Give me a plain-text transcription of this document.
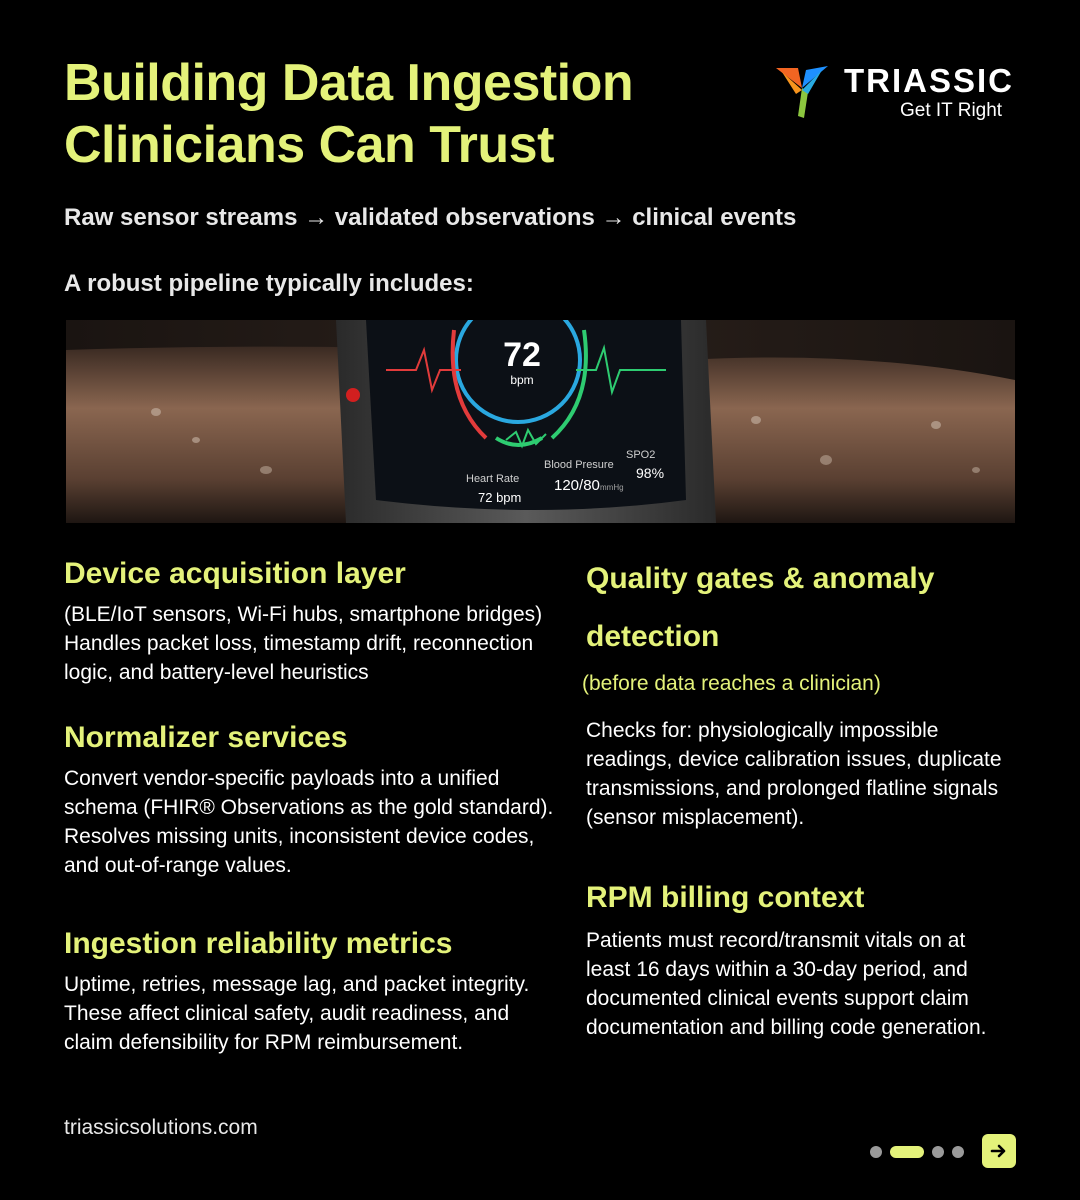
Building Data Ingestion
Clinicians Can Trust
TRIASSIC
Get IT Right
Raw sensor streams → validated observations → clinical events
A robust pipeline typically includes:
72
bpm
Heart Rate
72 bpm
Blood Presure
120/80 mmHg
SPO2
98%
Device acquisition layer

(BLE/IoT sensors, Wi-Fi hubs, smartphone bridges) Handles packet loss, timestamp drift, reconnection logic, and battery-level heuristics

Normalizer services

Convert vendor-specific payloads into a unified schema (FHIR® Observations as the gold standard). Resolves missing units, inconsistent device codes, and out-of-range values.

Ingestion reliability metrics

Uptime, retries, message lag, and packet integrity. These affect clinical safety, audit readiness, and claim defensibility for RPM reimbursement.

Quality gates & anomaly detection
(before data reaches a clinician)

Checks for: physiologically impossible readings, device calibration issues, duplicate transmissions, and prolonged flatline signals (sensor misplacement).

RPM billing context

Patients must record/transmit vitals on at least 16 days within a 30-day period, and documented clinical events support claim documentation and billing code generation.

triassicsolutions.com
